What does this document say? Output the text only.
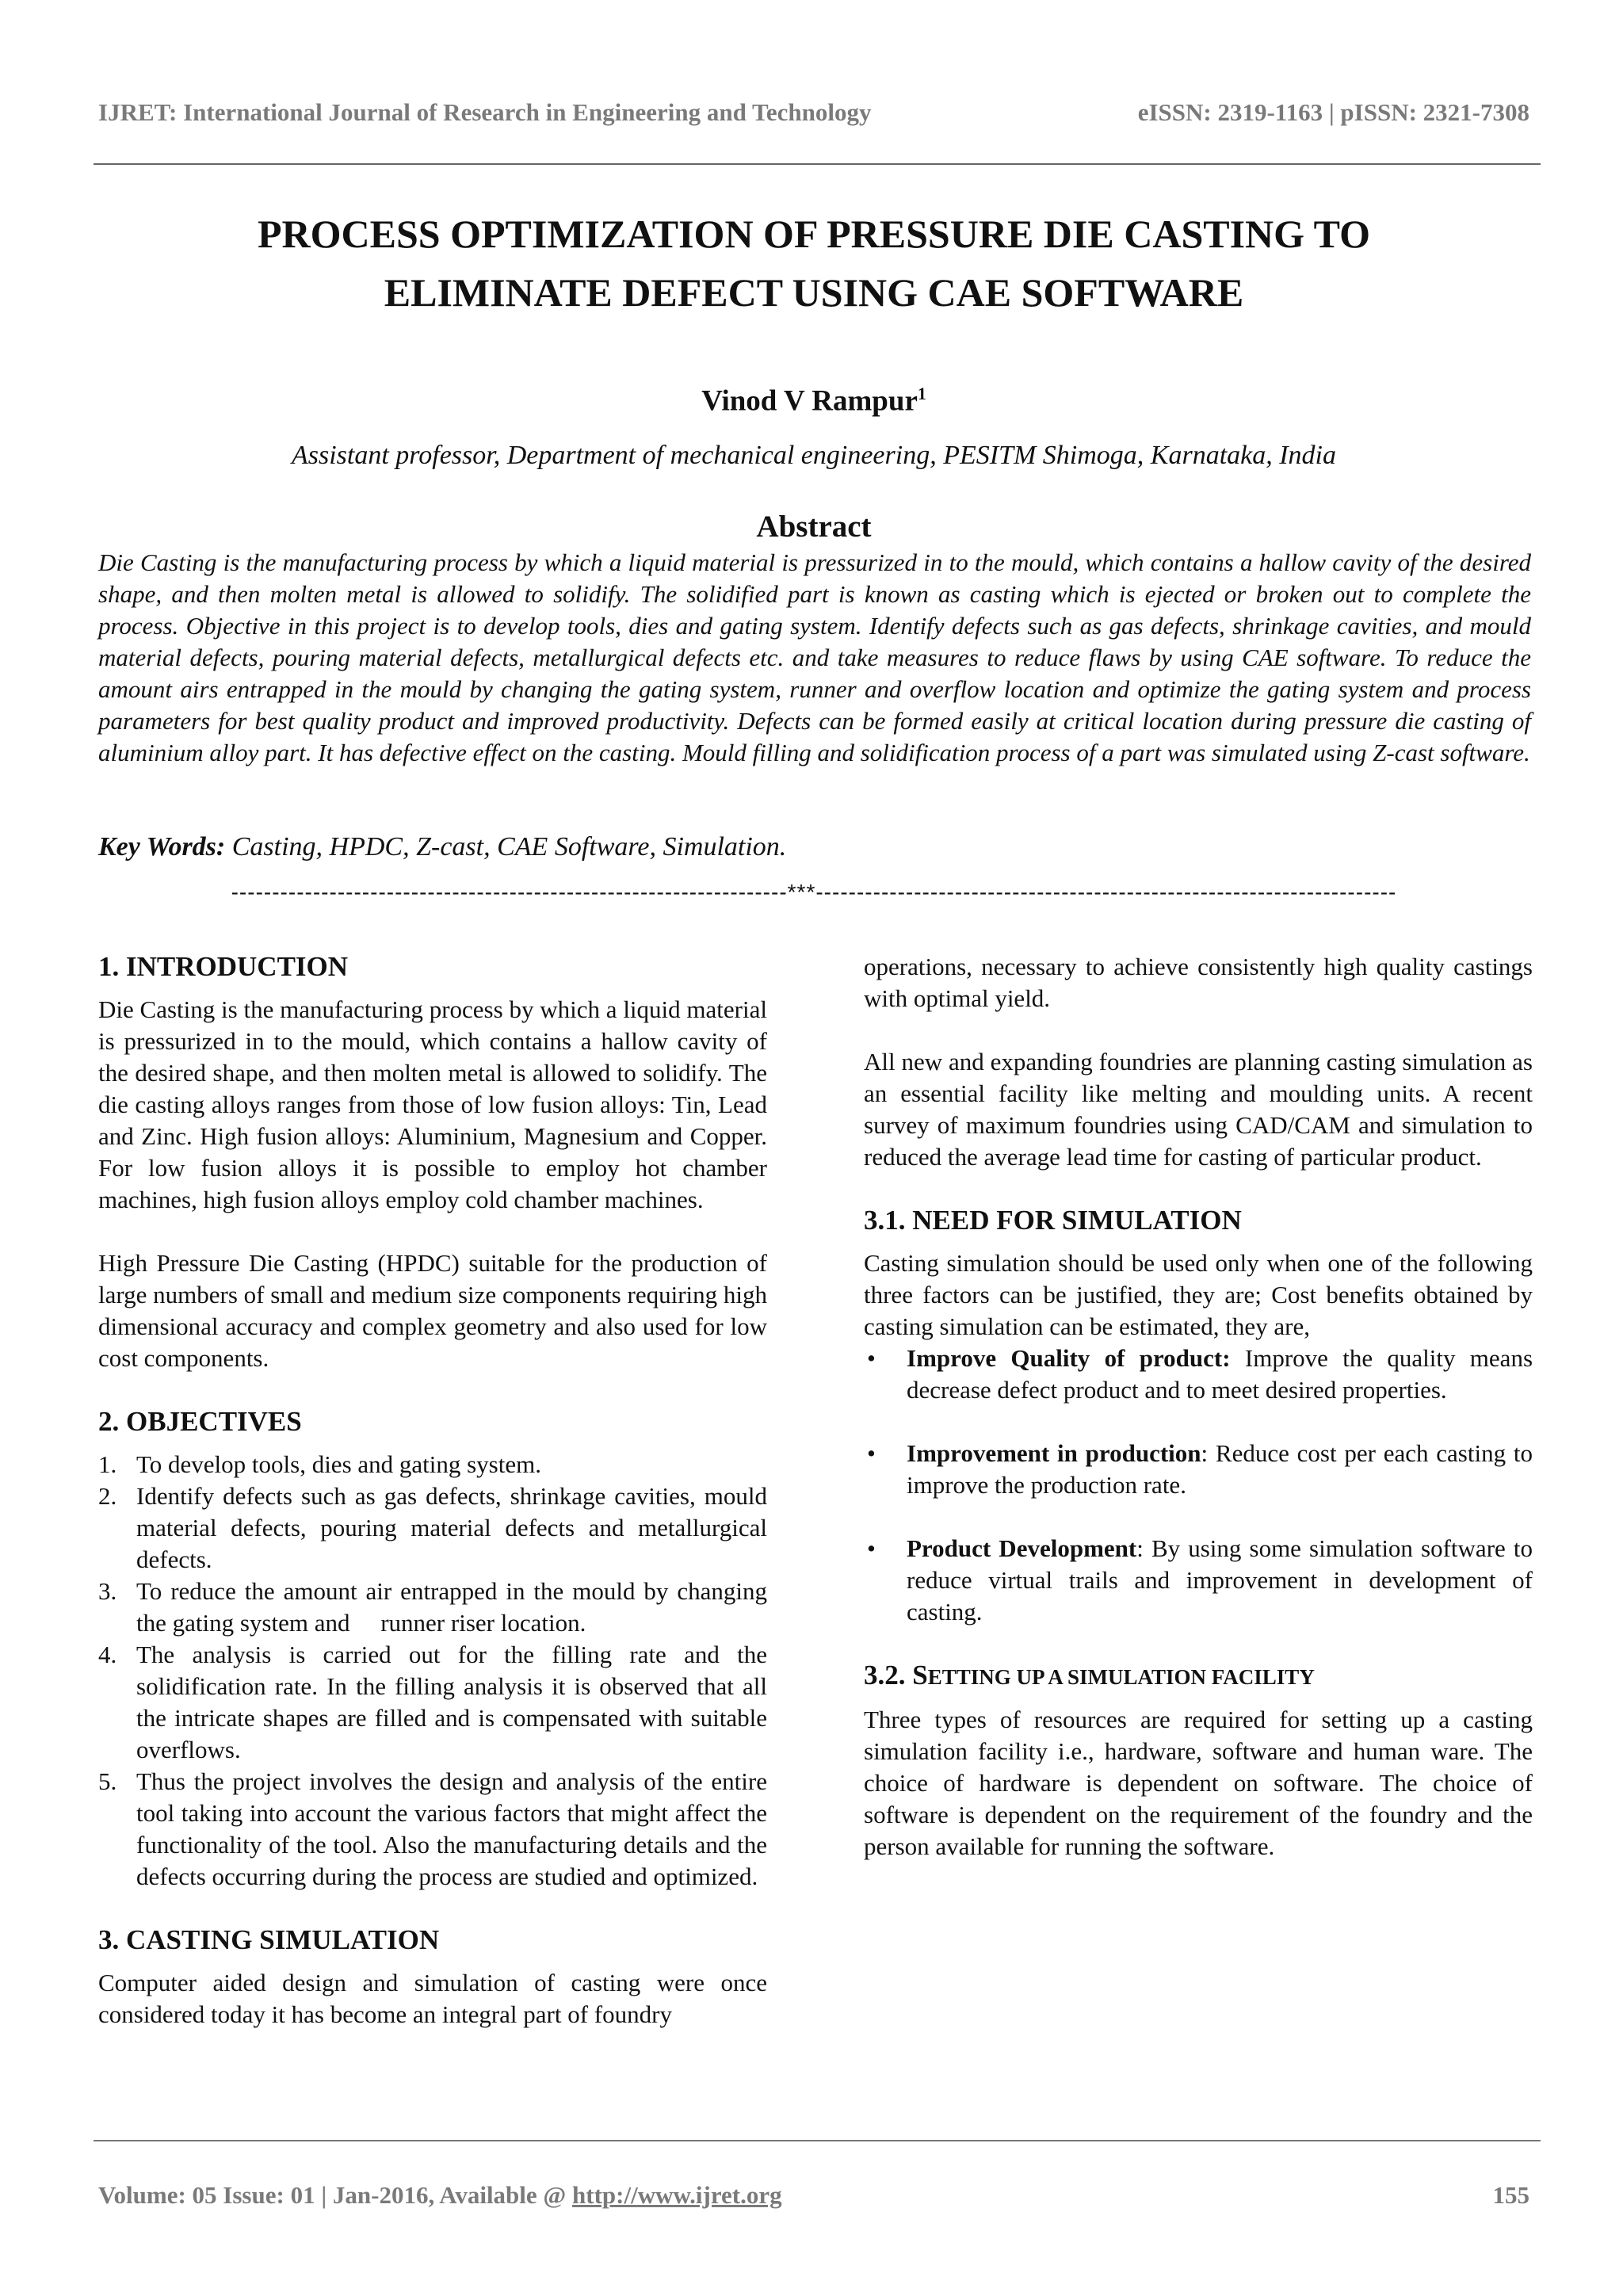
IJRET: International Journal of Research in Engineering and Technology	eISSN: 2319-1163 | pISSN: 2321-7308
PROCESS OPTIMIZATION OF PRESSURE DIE CASTING TO
ELIMINATE DEFECT USING CAE SOFTWARE
Vinod V Rampur$^1$
Assistant professor, Department of mechanical engineering, PESITM Shimoga, Karnataka, India
Abstract
Die Casting is the manufacturing process by which a liquid material is pressurized in to the mould, which contains a hallow cavity of the desired shape, and then molten metal is allowed to solidify. The solidified part is known as casting which is ejected or broken out to complete the process. Objective in this project is to develop tools, dies and gating system. Identify defects such as gas defects, shrinkage cavities, and mould material defects, pouring material defects, metallurgical defects etc. and take measures to reduce flaws by using CAE software. To reduce the amount airs entrapped in the mould by changing the gating system, runner and overflow location and optimize the gating system and process parameters for best quality product and improved productivity. Defects can be formed easily at critical location during pressure die casting of aluminium alloy part. It has defective effect on the casting. Mould filling and solidification process of a part was simulated using Z-cast software.
Key Words: Casting, HPDC, Z-cast, CAE Software, Simulation.
--------------------------------------------------------------------***-----------------------------------------------------------------------
1. INTRODUCTION

Die Casting is the manufacturing process by which a liquid material is pressurized in to the mould, which contains a hallow cavity of the desired shape, and then molten metal is allowed to solidify. The die casting alloys ranges from those of low fusion alloys: Tin, Lead and Zinc. High fusion alloys: Aluminium, Magnesium and Copper. For low fusion alloys it is possible to employ hot chamber machines, high fusion alloys employ cold chamber machines.

High Pressure Die Casting (HPDC) suitable for the production of large numbers of small and medium size components requiring high dimensional accuracy and complex geometry and also used for low cost components.

2. OBJECTIVES
1. To develop tools, dies and gating system.
2. Identify defects such as gas defects, shrinkage cavities, mould material defects, pouring material defects and metallurgical defects.
3. To reduce the amount air entrapped in the mould by changing the gating system and     runner riser location.
4. The analysis is carried out for the filling rate and the solidification rate. In the filling analysis it is observed that all the intricate shapes are filled and is compensated with suitable overflows.
5. Thus the project involves the design and analysis of the entire tool taking into account the various factors that might affect the functionality of the tool. Also the manufacturing details and the defects occurring during the process are studied and optimized.
3. CASTING SIMULATION

Computer aided design and simulation of casting were once considered today it has become an integral part of foundry

operations, necessary to achieve consistently high quality castings with optimal yield.

All new and expanding foundries are planning casting simulation as an essential facility like melting and moulding units. A recent survey of maximum foundries using CAD/CAM and simulation to reduced the average lead time for casting of particular product.

3.1. NEED FOR SIMULATION

Casting simulation should be used only when one of the following three factors can be justified, they are; Cost benefits obtained by casting simulation can be estimated, they are,

•	Improve Quality of product: Improve the quality means decrease defect product and to meet desired properties.
•	Improvement in production: Reduce cost per each casting to improve the production rate.
•	Product Development: By using some simulation software to reduce virtual trails and improvement in development of casting.
3.2. SETTING UP A SIMULATION FACILITY

Three types of resources are required for setting up a casting simulation facility i.e., hardware, software and human ware. The choice of hardware is dependent on software. The choice of software is dependent on the requirement of the foundry and the person available for running the software.

Volume: 05 Issue: 01 | Jan-2016, Available @ http://www.ijret.org	155
